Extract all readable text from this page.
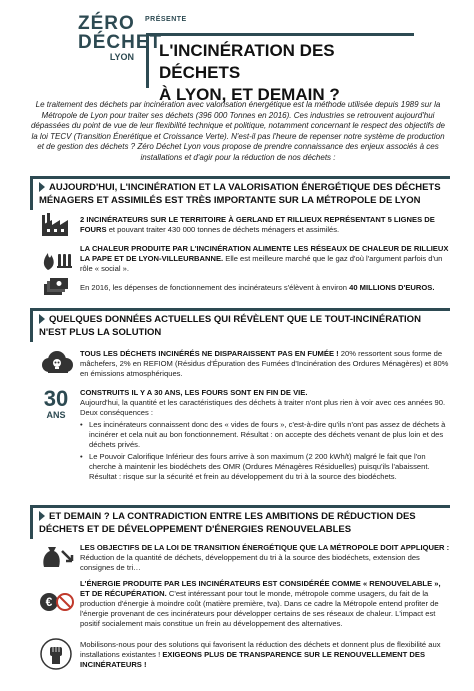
ZÉRO
DÉCHET
LYON
PRÉSENTE
L'INCINÉRATION DES DÉCHETS
À LYON, ET DEMAIN ?
Le traitement des déchets par incinération avec valorisation énergétique est la méthode utilisée depuis 1989 sur la Métropole de Lyon pour traiter ses déchets (396 000 Tonnes en 2016). Ces industries se retrouvent aujourd'hui dépassées du point de vue de leur flexibilité technique et politique, notamment concernant le respect des objectifs de la loi TECV (Transition Énerétique et Croissance Verte). N'est-il pas l'heure de repenser notre système de production et de gestion des déchets ? Zéro Déchet Lyon vous propose de prendre connaissance des enjeux associés à ces installations et d'agir pour la réduction de nos déchets :
AUJOURD'HUI, L'INCINÉRATION ET LA VALORISATION ÉNERGÉTIQUE DES DÉCHETS MÉNAGERS ET ASSIMILÉS EST TRÈS IMPORTANTE SUR LA MÉTROPOLE DE LYON
2 INCINÉRATEURS SUR LE TERRITOIRE À GERLAND ET RILLIEUX REPRÉSENTANT 5 LIGNES DE FOURS et pouvant traiter 430 000 tonnes de déchets ménagers et assimilés.
LA CHALEUR PRODUITE PAR L'INCINÉRATION ALIMENTE LES RÉSEAUX DE CHALEUR DE RILLIEUX LA PAPE ET DE LYON-VILLEURBANNE. Elle est meilleure marché que le gaz d'où l'argument parfois d'un rôle « social ».
En 2016, les dépenses de fonctionnement des incinérateurs s'élèvent à environ 40 MILLIONS D'EUROS.
QUELQUES DONNÉES ACTUELLES QUI RÉVÈLENT QUE LE TOUT-INCINÉRATION N'EST PLUS LA SOLUTION
TOUS LES DÉCHETS INCINÉRÉS NE DISPARAISSENT PAS EN FUMÉE ! 20% ressortent sous forme de mâchefers, 2% en REFIOM (Résidus d'Épuration des Fumées d'Incinération des Ordures Ménagères) et 80% en émissions atmosphériques.
30
ANS
CONSTRUITS IL Y A 30 ANS, LES FOURS SONT EN FIN DE VIE.
Aujourd'hui, la quantité et les caractéristiques des déchets à traiter n'ont plus rien à voir avec ces années 90. Deux conséquences :
• Les incinérateurs connaissent donc des « vides de fours », c'est-à-dire qu'ils n'ont pas assez de déchets à incinérer et cela nuit au bon fonctionnement. Résultat : on accepte des déchets venant de plus loin et des déchets privés.
• Le Pouvoir Calorifique Inférieur des fours arrive à son maximum (2 200 kWh/t) malgré le fait que l'on cherche à maintenir les biodéchets des OMR (Ordures Ménagères Résiduelles) puisqu'ils l'abaissent. Résultat : risque sur la sécurité et frein au développement du tri à la source des biodéchets.
ET DEMAIN ? LA CONTRADICTION ENTRE LES AMBITIONS DE RÉDUCTION DES DÉCHETS ET DE DÉVELOPPEMENT D'ÉNERGIES RENOUVELABLES
LES OBJECTIFS DE LA LOI DE TRANSITION ÉNERGÉTIQUE QUE LA MÉTROPOLE DOIT APPLIQUER :
Réduction de la quantité de déchets, développement du tri à la source des biodéchets, extension des consignes de tri…
€
L'ÉNERGIE PRODUITE PAR LES INCINÉRATEURS EST CONSIDÉRÉE COMME « RENOUVELABLE », ET DE RÉCUPÉRATION. C'est intéressant pour tout le monde, métropole comme usagers, du fait de la production d'énergie à moindre coût (matière première, tva). Dans ce cadre la Métropole entend profiter de l'énergie provenant de ces incinérateurs pour développer certains de ses réseaux de chaleur. L'impact est positif socialement mais constitue un frein au développement des alternatives.
Mobilisons-nous pour des solutions qui favorisent la réduction des déchets et donnent plus de flexibilité aux installations existantes ! EXIGEONS PLUS DE TRANSPARENCE SUR LE RENOUVELLEMENT DES INCINÉRATEURS !
